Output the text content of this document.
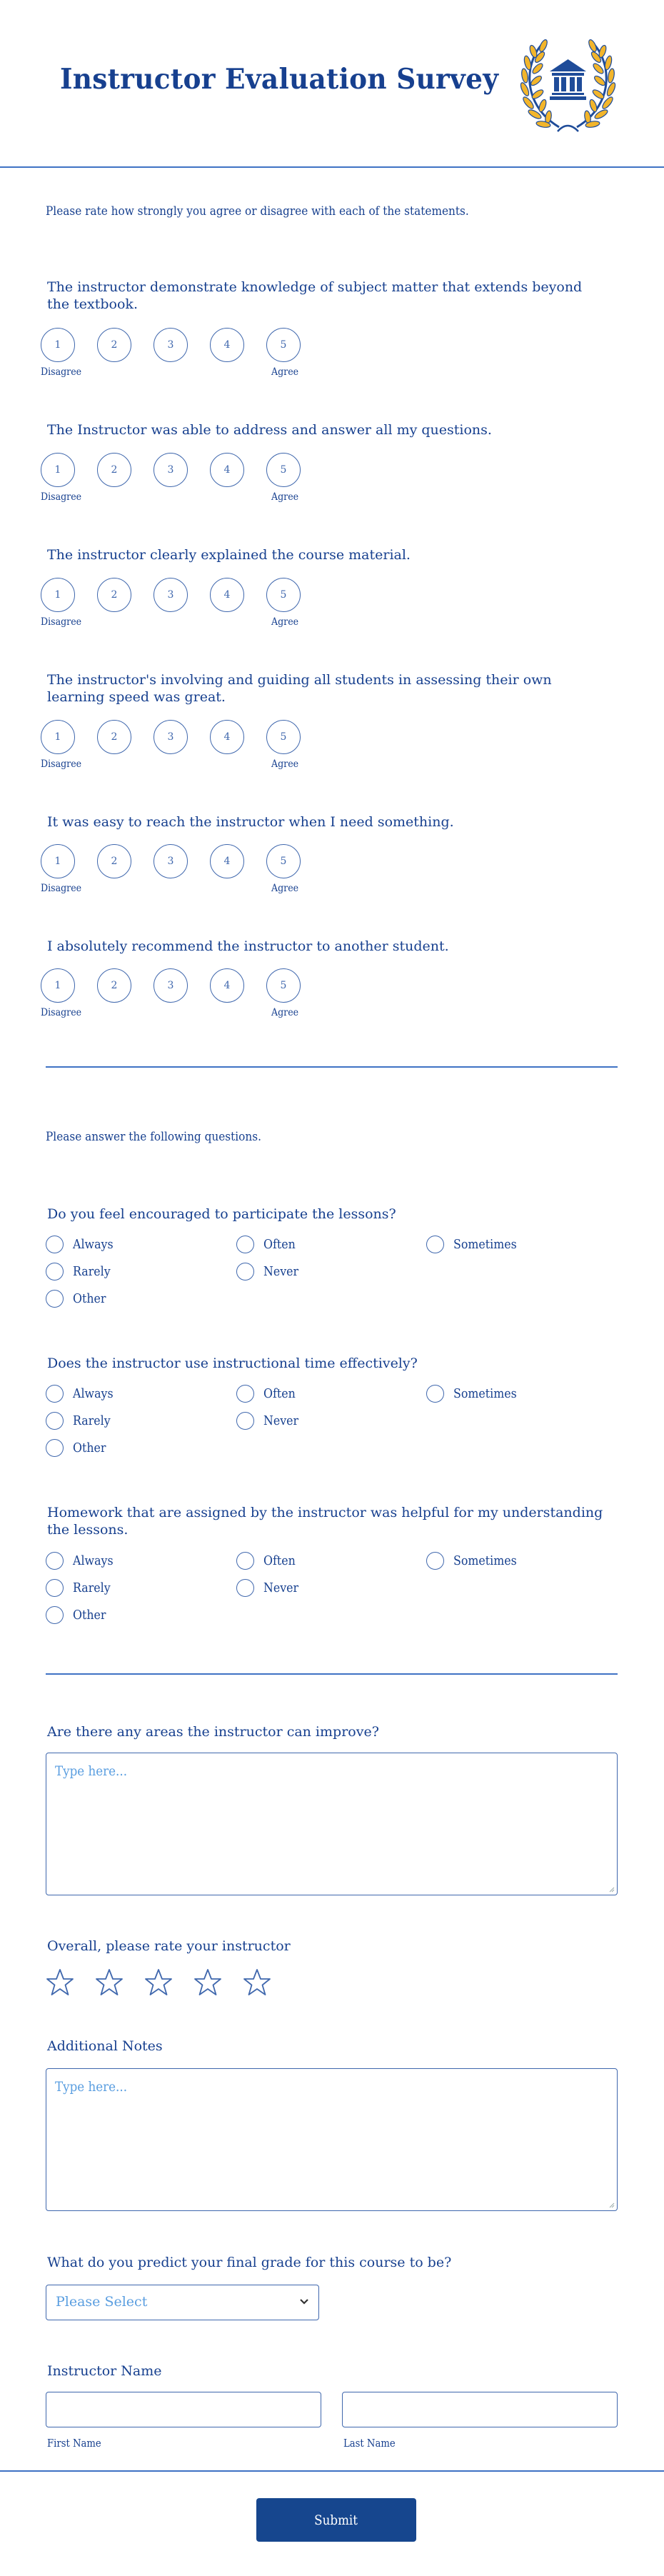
Instructor Evaluation Survey
Please rate how strongly you agree or disagree with each of the statements.
The instructor demonstrate knowledge of subject matter that extends beyond the textbook.
1	2	3	4	5
Disagree	Agree
The Instructor was able to address and answer all my questions.
1	2	3	4	5
Disagree	Agree
The instructor clearly explained the course material.
1	2	3	4	5
Disagree	Agree
The instructor's involving and guiding all students in assessing their own learning speed was great.
1	2	3	4	5
Disagree	Agree
It was easy to reach the instructor when I need something.
1	2	3	4	5
Disagree	Agree
I absolutely recommend the instructor to another student.
1	2	3	4	5
Disagree	Agree
Please answer the following questions.
Do you feel encouraged to participate the lessons?
Always	Often	Sometimes
Rarely	Never
Other
Does the instructor use instructional time effectively?
Always	Often	Sometimes
Rarely	Never
Other
Homework that are assigned by the instructor was helpful for my understanding the lessons.
Always	Often	Sometimes
Rarely	Never
Other
Are there any areas the instructor can improve?
Type here...
Overall, please rate your instructor
Additional Notes
Type here...
What do you predict your final grade for this course to be?
Please Select
Instructor Name
First Name	Last Name
Submit
